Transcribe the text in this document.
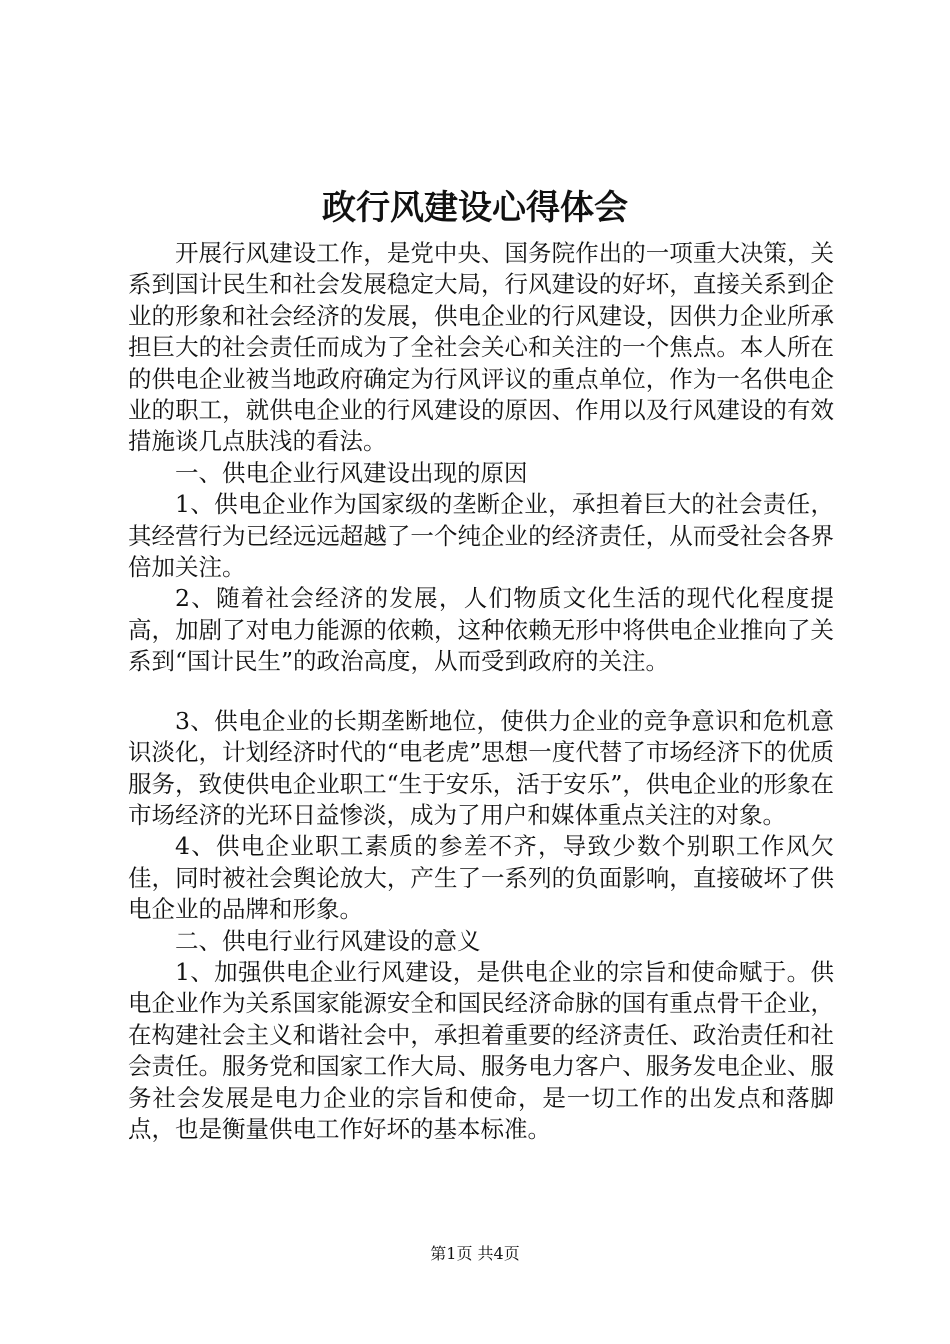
政行风建设心得体会

开展行风建设工作，是党中央、国务院作出的一项重大决策，关系到国计民生和社会发展稳定大局，行风建设的好坏，直接关系到企业的形象和社会经济的发展，供电企业的行风建设，因供力企业所承担巨大的社会责任而成为了全社会关心和关注的一个焦点。本人所在的供电企业被当地政府确定为行风评议的重点单位，作为一名供电企业的职工，就供电企业的行风建设的原因、作用以及行风建设的有效措施谈几点肤浅的看法。

一、供电企业行风建设出现的原因

1、供电企业作为国家级的垄断企业，承担着巨大的社会责任，其经营行为已经远远超越了一个纯企业的经济责任，从而受社会各界倍加关注。

2、随着社会经济的发展，人们物质文化生活的现代化程度提高，加剧了对电力能源的依赖，这种依赖无形中将供电企业推向了关系到“国计民生”的政治高度，从而受到政府的关注。

3、供电企业的长期垄断地位，使供力企业的竞争意识和危机意识淡化，计划经济时代的“电老虎”思想一度代替了市场经济下的优质服务，致使供电企业职工“生于安乐，活于安乐”，供电企业的形象在市场经济的光环日益惨淡，成为了用户和媒体重点关注的对象。

4、供电企业职工素质的参差不齐，导致少数个别职工作风欠佳，同时被社会舆论放大，产生了一系列的负面影响，直接破坏了供电企业的品牌和形象。

二、供电行业行风建设的意义

1、加强供电企业行风建设，是供电企业的宗旨和使命赋于。供电企业作为关系国家能源安全和国民经济命脉的国有重点骨干企业，在构建社会主义和谐社会中，承担着重要的经济责任、政治责任和社会责任。服务党和国家工作大局、服务电力客户、服务发电企业、服务社会发展是电力企业的宗旨和使命，是一切工作的出发点和落脚点，也是衡量供电工作好坏的基本标准。

第1页 共4页
